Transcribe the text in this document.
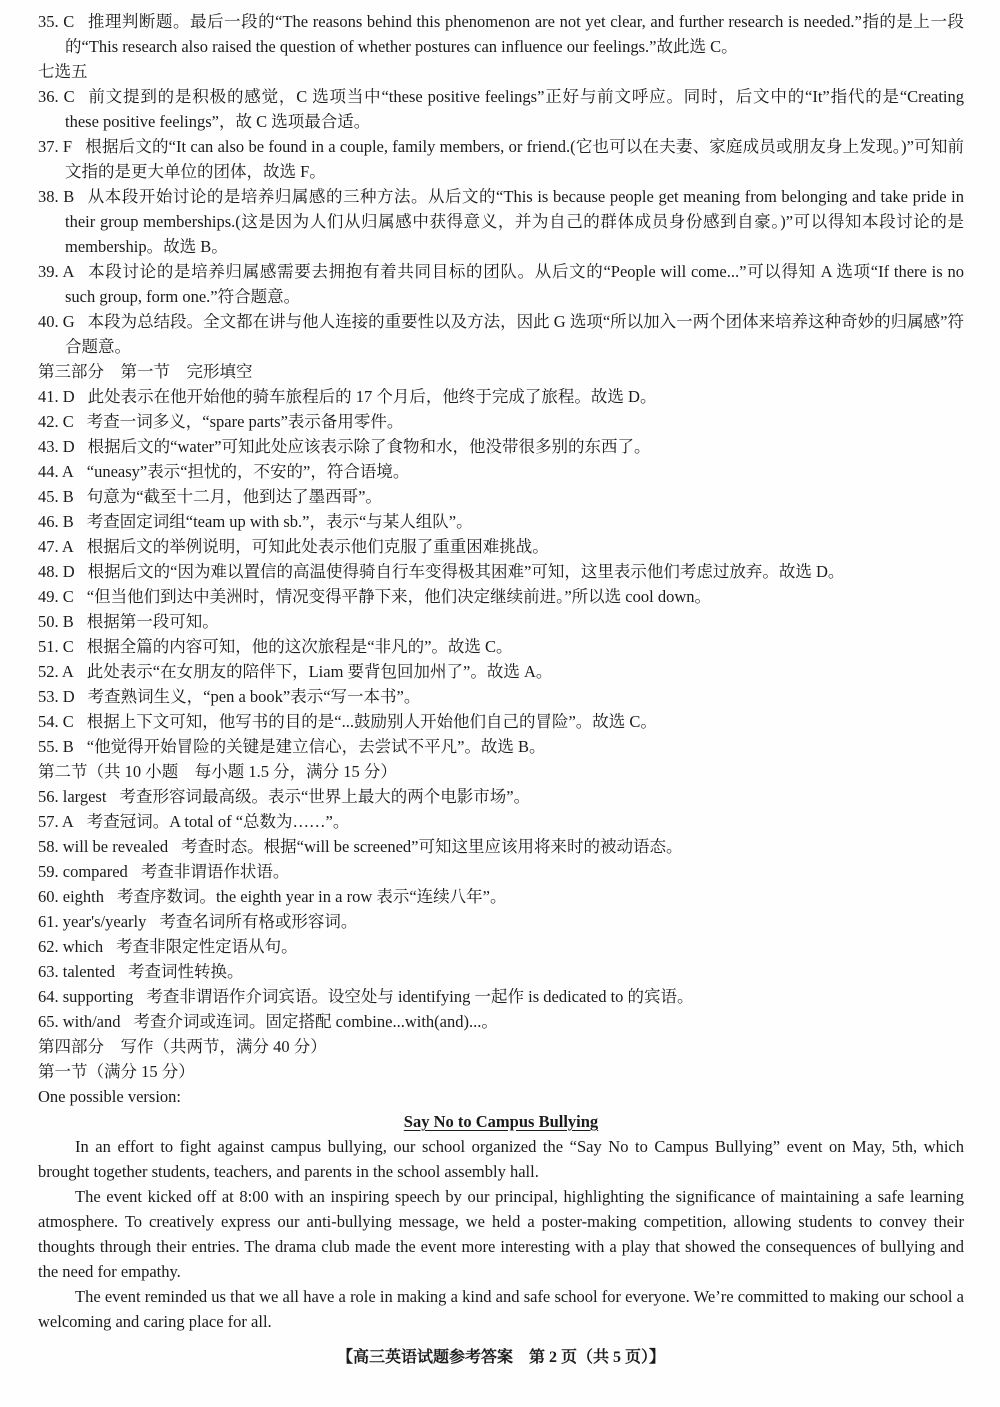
35. C 推理判断题。最后一段的“The reasons behind this phenomenon are not yet clear, and further research is needed.”指的是上一段的“This research also raised the question of whether postures can influence our feelings.”故此选 C。
七选五
36. C 前文提到的是积极的感觉，C 选项当中“these positive feelings”正好与前文呼应。同时，后文中的“It”指代的是“Creating these positive feelings”，故 C 选项最合适。
37. F 根据后文的“It can also be found in a couple, family members, or friend.(它也可以在夫妻、家庭成员或朋友身上发现。)”可知前文指的是更大单位的团体，故选 F。
38. B 从本段开始讨论的是培养归属感的三种方法。从后文的“This is because people get meaning from belonging and take pride in their group memberships.(这是因为人们从归属感中获得意义，并为自己的群体成员身份感到自豪。)”可以得知本段讨论的是 membership。故选 B。
39. A 本段讨论的是培养归属感需要去拥抱有着共同目标的团队。从后文的“People will come...”可以得知 A 选项“If there is no such group, form one.”符合题意。
40. G 本段为总结段。全文都在讲与他人连接的重要性以及方法，因此 G 选项“所以加入一两个团体来培养这种奇妙的归属感”符合题意。
第三部分　第一节　完形填空
41. D 此处表示在他开始他的骑车旅程后的 17 个月后，他终于完成了旅程。故选 D。
42. C 考查一词多义，“spare parts”表示备用零件。
43. D 根据后文的“water”可知此处应该表示除了食物和水，他没带很多别的东西了。
44. A “uneasy”表示“担忧的，不安的”，符合语境。
45. B 句意为“截至十二月，他到达了墨西哥”。
46. B 考查固定词组“team up with sb.”，表示“与某人组队”。
47. A 根据后文的举例说明，可知此处表示他们克服了重重困难挑战。
48. D 根据后文的“因为难以置信的高温使得骑自行车变得极其困难”可知，这里表示他们考虑过放弃。故选 D。
49. C “但当他们到达中美洲时，情况变得平静下来，他们决定继续前进。”所以选 cool down。
50. B 根据第一段可知。
51. C 根据全篇的内容可知，他的这次旅程是“非凡的”。故选 C。
52. A 此处表示“在女朋友的陪伴下，Liam 要背包回加州了”。故选 A。
53. D 考查熟词生义，“pen a book”表示“写一本书”。
54. C 根据上下文可知，他写书的目的是“...鼓励别人开始他们自己的冒险”。故选 C。
55. B “他觉得开始冒险的关键是建立信心，去尝试不平凡”。故选 B。
第二节（共 10 小题　每小题 1.5 分，满分 15 分）
56. largest 考查形容词最高级。表示“世界上最大的两个电影市场”。
57. A 考查冠词。A total of “总数为……”。
58. will be revealed 考查时态。根据“will be screened”可知这里应该用将来时的被动语态。
59. compared 考查非谓语作状语。
60. eighth 考查序数词。the eighth year in a row 表示“连续八年”。
61. year's/yearly 考查名词所有格或形容词。
62. which 考查非限定性定语从句。
63. talented 考查词性转换。
64. supporting 考查非谓语作介词宾语。设空处与 identifying 一起作 is dedicated to 的宾语。
65. with/and 考查介词或连词。固定搭配 combine...with(and)...。
第四部分　写作（共两节，满分 40 分）
第一节（满分 15 分）
One possible version:
Say No to Campus Bullying

In an effort to fight against campus bullying, our school organized the “Say No to Campus Bullying” event on May, 5th, which brought together students, teachers, and parents in the school assembly hall.

The event kicked off at 8:00 with an inspiring speech by our principal, highlighting the significance of maintaining a safe learning atmosphere. To creatively express our anti-bullying message, we held a poster-making competition, allowing students to convey their thoughts through their entries. The drama club made the event more interesting with a play that showed the consequences of bullying and the need for empathy.

The event reminded us that we all have a role in making a kind and safe school for everyone. We’re committed to making our school a welcoming and caring place for all.

【高三英语试题参考答案　第 2 页（共 5 页）】
